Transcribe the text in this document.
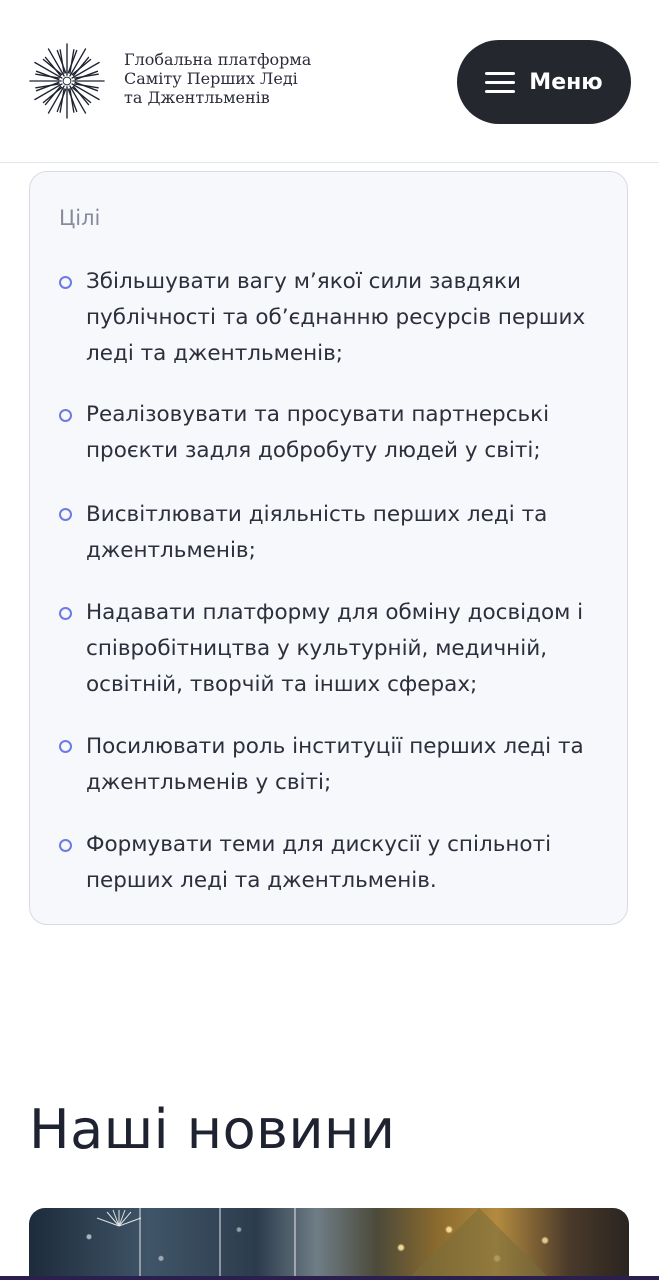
Глобальна платформа
Саміту Перших Леді
та Джентльменів
Меню
Цілі
Збільшувати вагу м’якої сили завдяки публічності та об’єднанню ресурсів перших леді та джентльменів;
Реалізовувати та просувати партнерські проєкти задля добробуту людей у світі;
Висвітлювати діяльність перших леді та джентльменів;
Надавати платформу для обміну досвідом і співробітництва у культурній, медичній, освітній, творчій та інших сферах;
Посилювати роль інституції перших леді та джентльменів у світі;
Формувати теми для дискусії у спільноті перших леді та джентльменів.
Наші новини
